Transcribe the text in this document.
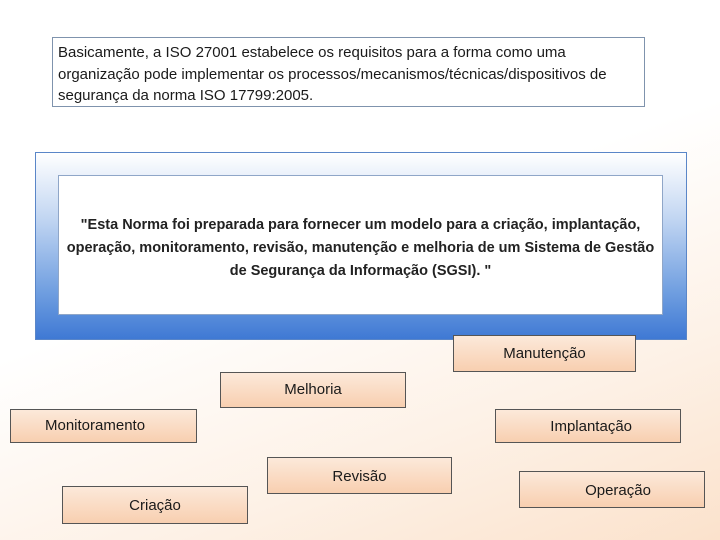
Basicamente, a ISO 27001 estabelece os requisitos para a forma como uma organização pode implementar os processos/mecanismos/técnicas/dispositivos de segurança da norma ISO 17799:2005.

"Esta Norma foi preparada para fornecer um modelo para a criação, implantação, operação, monitoramento, revisão, manutenção e melhoria de um Sistema de Gestão de Segurança da Informação (SGSI). "

Manutenção
Melhoria
Monitoramento	Implantação
Revisão
Operação
Criação
